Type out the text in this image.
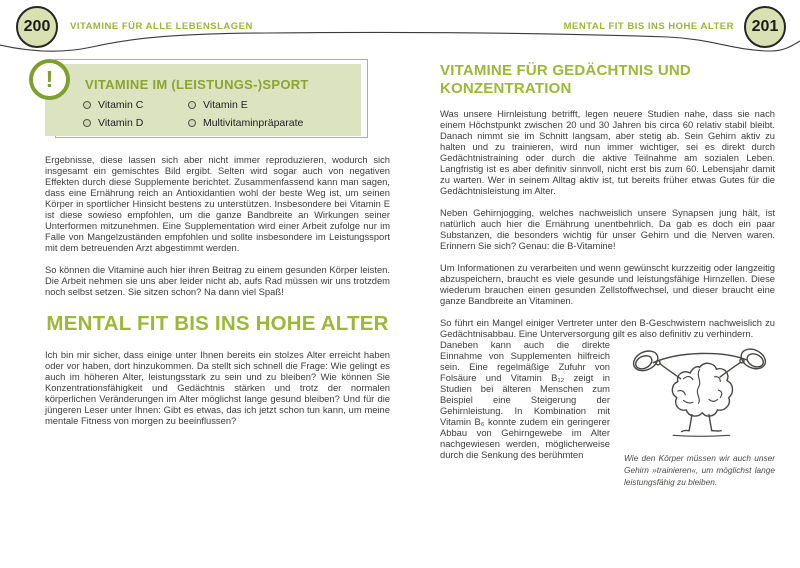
200	VITAMINE FÜR ALLE LEBENSLAGEN	MENTAL FIT BIS INS HOHE ALTER	201
VITAMINE IM (LEISTUNGS-)SPORT
Vitamin C
Vitamin D
Vitamin E
Multivitaminpräparate
!

Ergebnisse, diese lassen sich aber nicht immer reproduzieren, wodurch sich insgesamt ein gemischtes Bild ergibt. Selten wird sogar auch von negativen Effekten durch diese Supplemente berichtet. Zusammenfassend kann man sagen, dass eine Ernährung reich an Antioxidantien wohl der beste Weg ist, um seinen Körper in sportlicher Hinsicht bestens zu unterstützen. Insbesondere bei Vitamin E ist diese sowieso empfohlen, um die ganze Bandbreite an Wirkungen seiner Unterformen mitzunehmen. Eine Supplementation wird einer Arbeit zufolge nur im Falle von Mangelzuständen empfohlen und sollte insbesondere im Leistungssport mit dem betreuenden Arzt abgestimmt werden.

So können die Vitamine auch hier ihren Beitrag zu einem gesunden Körper leisten. Die Arbeit nehmen sie uns aber leider nicht ab, aufs Rad müssen wir uns trotzdem noch selbst setzen. Sie sitzen schon? Na dann viel Spaß!

MENTAL FIT BIS INS HOHE ALTER

Ich bin mir sicher, dass einige unter Ihnen bereits ein stolzes Alter erreicht haben oder vor haben, dort hinzukommen. Da stellt sich schnell die Frage: Wie gelingt es auch im höheren Alter, leistungsstark zu sein und zu bleiben? Wie können Sie Konzentrationsfähigkeit und Gedächtnis stärken und trotz der normalen körperlichen Veränderungen im Alter möglichst lange gesund bleiben? Und für die jüngeren Leser unter Ihnen: Gibt es etwas, das ich jetzt schon tun kann, um meine mentale Fitness von morgen zu beeinflussen?

VITAMINE FÜR GEDÄCHTNIS UND KONZENTRATION

Was unsere Hirnleistung betrifft, legen neuere Studien nahe, dass sie nach einem Höchstpunkt zwischen 20 und 30 Jahren bis circa 60 relativ stabil bleibt. Danach nimmt sie im Schnitt langsam, aber stetig ab. Sein Gehirn aktiv zu halten und zu trainieren, wird nun immer wichtiger, sei es direkt durch Gedächtnistraining oder durch die aktive Teilnahme am sozialen Leben. Langfristig ist es aber definitiv sinnvoll, nicht erst bis zum 60. Lebensjahr damit zu warten. Wer in seinem Alltag aktiv ist, tut bereits früher etwas Gutes für die Gedächtnisleistung im Alter.

Neben Gehirnjogging, welches nachweislich unsere Synapsen jung hält, ist natürlich auch hier die Ernährung unentbehrlich. Da gab es doch ein paar Substanzen, die besonders wichtig für unser Gehirn und die Nerven waren. Erinnern Sie sich? Genau: die B-Vitamine!

Um Informationen zu verarbeiten und wenn gewünscht kurzzeitig oder langzeitig abzuspeichern, braucht es viele gesunde und leistungsfähige Hirnzellen. Diese wiederum brauchen einen gesunden Zellstoffwechsel, und dieser braucht eine ganze Bandbreite an Vitaminen.

So führt ein Mangel einiger Vertreter unter den B-Geschwistern nachweislich zu Gedächtnisabbau. Eine Unterversorgung gilt es also definitiv zu verhindern.

Daneben kann auch die direkte Einnahme von Supplementen hilfreich sein. Eine regelmäßige Zufuhr von Folsäure und Vitamin B₁₂ zeigt in Studien bei älteren Menschen zum Beispiel eine Steigerung der Gehirnleistung. In Kombination mit Vitamin B₆ konnte zudem ein geringerer Abbau von Gehirngewebe im Alter nachgewiesen werden, möglicherweise durch die Senkung des berühmten	Wie den Körper müssen wir auch unser Gehirn »trainieren«, um möglichst lange leistungsfähig zu bleiben.
